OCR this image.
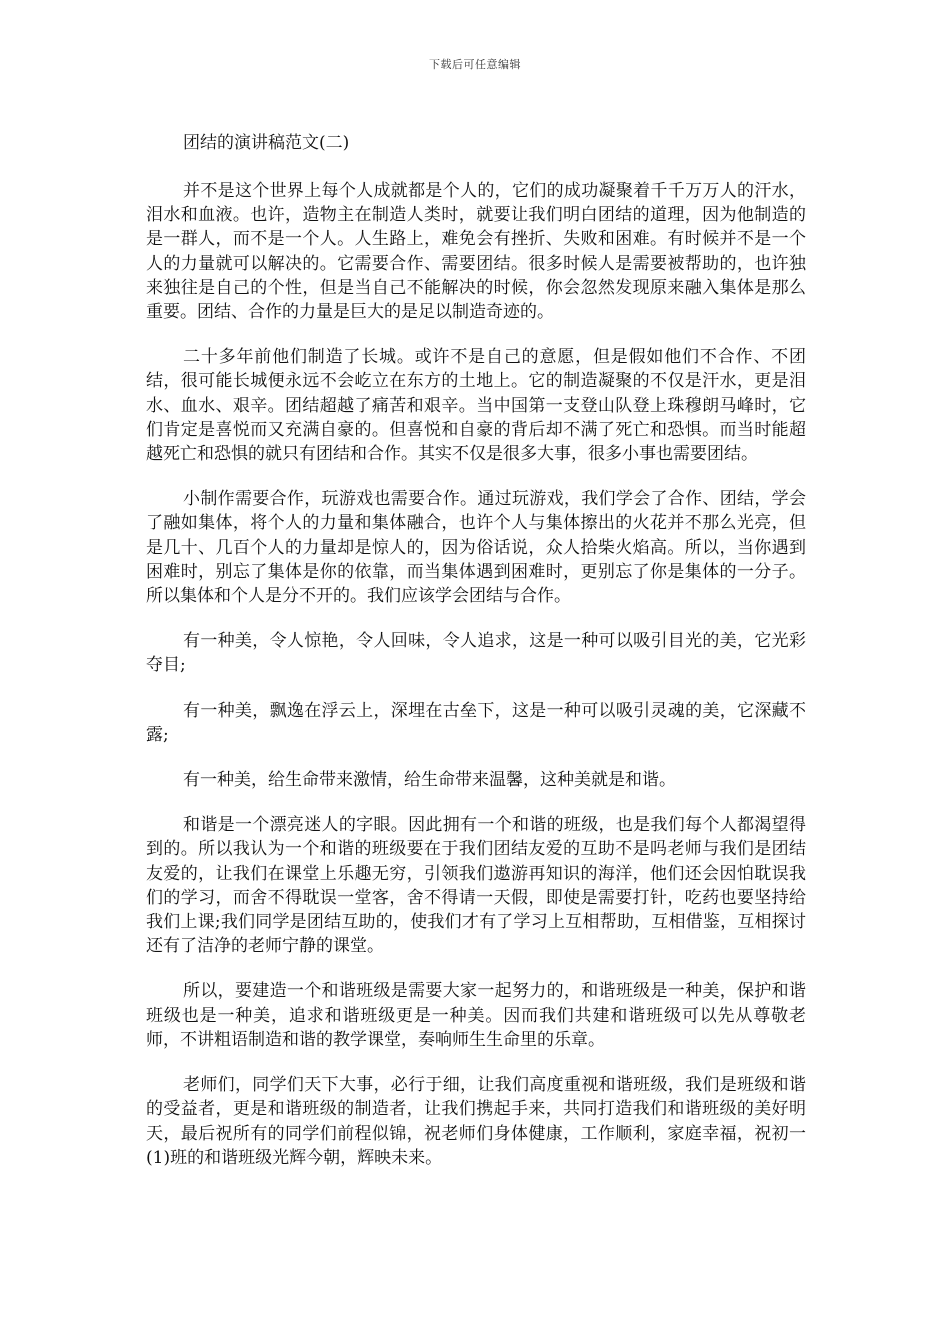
下载后可任意编辑
团结的演讲稿范文(二)

并不是这个世界上每个人成就都是个人的，它们的成功凝聚着千千万万人的汗水，泪水和血液。也许，造物主在制造人类时，就要让我们明白团结的道理，因为他制造的是一群人，而不是一个人。人生路上，难免会有挫折、失败和困难。有时候并不是一个人的力量就可以解决的。它需要合作、需要团结。很多时候人是需要被帮助的，也许独来独往是自己的个性，但是当自己不能解决的时候，你会忽然发现原来融入集体是那么重要。团结、合作的力量是巨大的是足以制造奇迹的。

二十多年前他们制造了长城。或许不是自己的意愿，但是假如他们不合作、不团结，很可能长城便永远不会屹立在东方的土地上。它的制造凝聚的不仅是汗水，更是泪水、血水、艰辛。团结超越了痛苦和艰辛。当中国第一支登山队登上珠穆朗马峰时，它们肯定是喜悦而又充满自豪的。但喜悦和自豪的背后却不满了死亡和恐惧。而当时能超越死亡和恐惧的就只有团结和合作。其实不仅是很多大事，很多小事也需要团结。

小制作需要合作，玩游戏也需要合作。通过玩游戏，我们学会了合作、团结，学会了融如集体，将个人的力量和集体融合，也许个人与集体擦出的火花并不那么光亮，但是几十、几百个人的力量却是惊人的，因为俗话说，众人拾柴火焰高。所以，当你遇到困难时，别忘了集体是你的依靠，而当集体遇到困难时，更别忘了你是集体的一分子。所以集体和个人是分不开的。我们应该学会团结与合作。

有一种美，令人惊艳，令人回味，令人追求，这是一种可以吸引目光的美，它光彩夺目;

有一种美，飘逸在浮云上，深埋在古垒下，这是一种可以吸引灵魂的美，它深藏不露;

有一种美，给生命带来激情，给生命带来温馨，这种美就是和谐。

和谐是一个漂亮迷人的字眼。因此拥有一个和谐的班级，也是我们每个人都渴望得到的。所以我认为一个和谐的班级要在于我们团结友爱的互助不是吗老师与我们是团结友爱的，让我们在课堂上乐趣无穷，引领我们遨游再知识的海洋，他们还会因怕耽误我们的学习，而舍不得耽误一堂客，舍不得请一天假，即使是需要打针，吃药也要坚持给我们上课;我们同学是团结互助的，使我们才有了学习上互相帮助，互相借鉴，互相探讨还有了洁净的老师宁静的课堂。

所以，要建造一个和谐班级是需要大家一起努力的，和谐班级是一种美，保护和谐班级也是一种美，追求和谐班级更是一种美。因而我们共建和谐班级可以先从尊敬老师，不讲粗语制造和谐的教学课堂，奏响师生生命里的乐章。

老师们，同学们天下大事，必行于细，让我们高度重视和谐班级，我们是班级和谐的受益者，更是和谐班级的制造者，让我们携起手来，共同打造我们和谐班级的美好明天，最后祝所有的同学们前程似锦，祝老师们身体健康，工作顺利，家庭幸福，祝初一(1)班的和谐班级光辉今朝，辉映未来。
